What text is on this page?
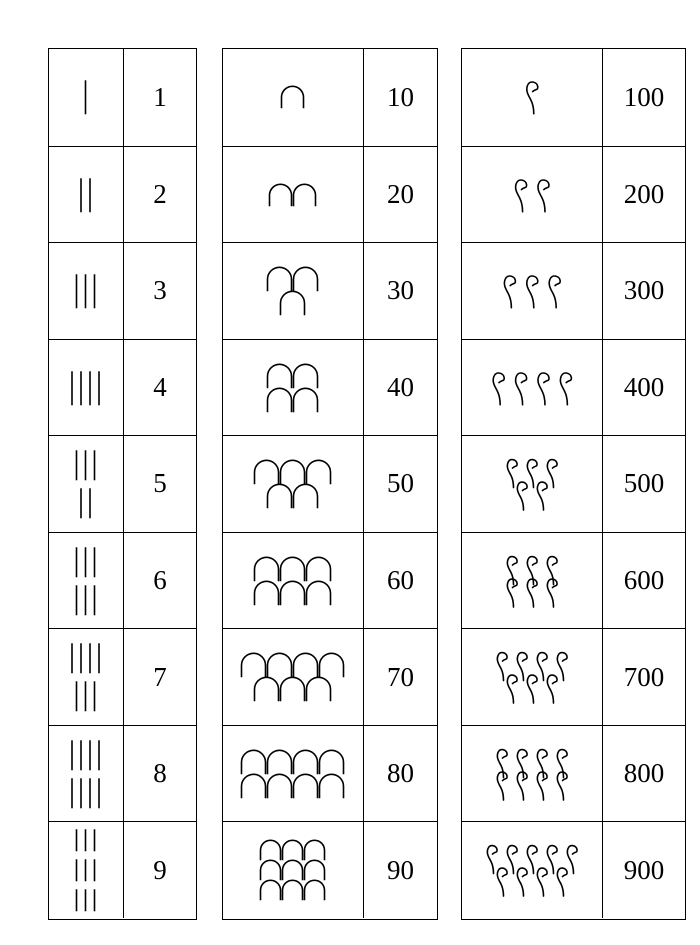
1
2
3
4
5
6
7
8
9
10
20
30
40
50
60
70
80
90
100
200
300
400
500
600
700
800
900
